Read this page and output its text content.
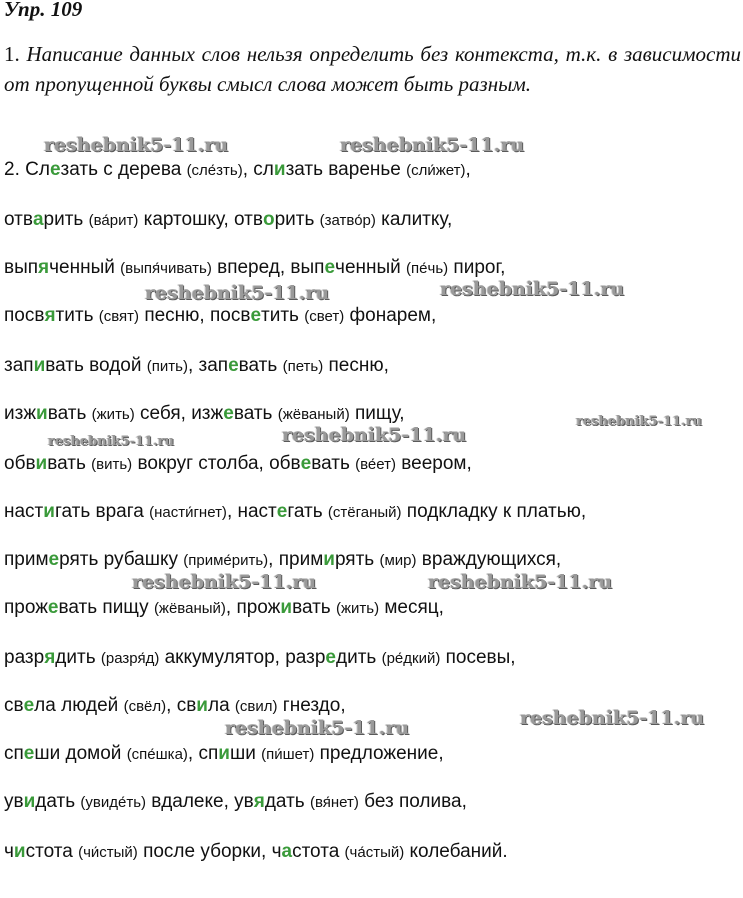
Упр. 109
1. Написание данных слов нельзя определить без контекста, т.к. в зависимости от пропущенной буквы смысл слова может быть разным.
2. Слезать с дерева (сле́зть), слизать варенье (сли́жет),
отварить (ва́рит) картошку, отворить (затво́р) калитку,
выпяченный (выпя́чивать) вперед, выпеченный (пе́чь) пирог,
посвятить (свят) песню, посветить (свет) фонарем,
запивать водой (пить), запевать (петь) песню,
изживать (жить) себя, изжевать (жёваный) пищу,
обвивать (вить) вокруг столба, обвевать (ве́ет) веером,
настигать врага (насти́гнет), настегать (стёганый) подкладку к платью,
примерять рубашку (приме́рить), примирять (мир) враждующихся,
прожевать пищу (жёваный), проживать (жить) месяц,
разрядить (разря́д) аккумулятор, разредить (ре́дкий) посевы,
свела людей (свёл), свила (свил) гнездо,
спеши домой (спе́шка), спиши (пи́шет) предложение,
увидать (увиде́ть) вдалеке, увядать (вя́нет) без полива,
чистота (чи́стый) после уборки, частота (ча́стый) колебаний.
reshebnik5-11.ru	reshebnik5-11.ru
reshebnik5-11.ru	reshebnik5-11.ru
reshebnik5-11.ru
reshebnik5-11.ru	reshebnik5-11.ru
reshebnik5-11.ru	reshebnik5-11.ru
reshebnik5-11.ru
reshebnik5-11.ru
